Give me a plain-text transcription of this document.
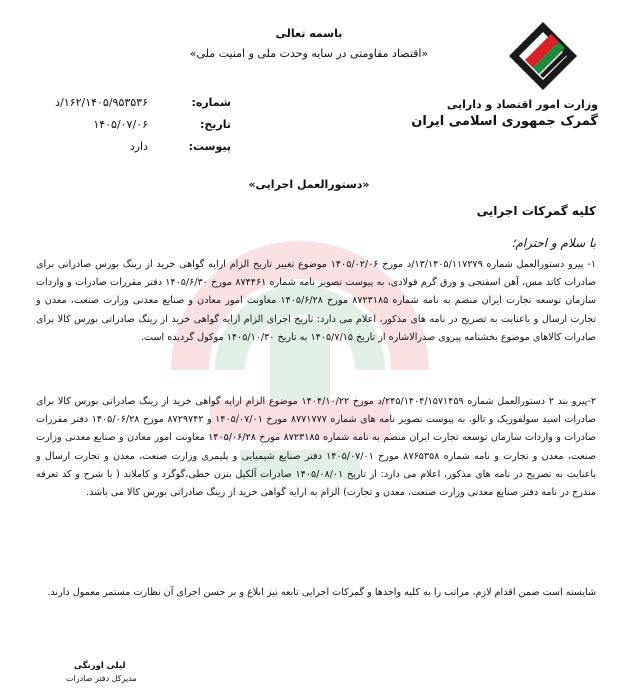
باسمه تعالی
«اقتصاد مقاومتی در سایه وحدت ملی و امنیت ملی»
وزارت امور اقتصاد و دارایی
گمرک جمهوری اسلامی ایران
شماره:
۱۶۲/۱۴۰۵/۹۵۳۵۳۶/د
تاریخ:
۱۴۰۵/۰۷/۰۶
پیوست:
دارد
«دستورالعمل اجرایی»
کلیه گمرکات اجرایی
با سلام و احترام؛

۱- پیرو دستورالعمل شماره ۱۳/۱۴۰۵/۱۱۷۲۷۹/د مورخ ۱۴۰۵/۰۲/۰۶ موضوع تغییر تاریخ الزام ارایه گواهی خرید از رینگ بورس صادراتی برای صادرات کاتد مس، آهن اسفنجی و ورق گرم فولادی، به پیوست تصویر نامه شماره ۸۷۴۴۶۱ مورخ ۱۴۰۵/۶/۳۰ دفتر مقررات صادرات و واردات سازمان توسعه تجارت ایران منضم به نامه شماره ۸۷۲۳۱۸۵ مورخ ۱۴۰۵/۶/۲۸ معاونت امور معادن و صنایع معدنی وزارت صنعت، معدن و تجارت ارسال و باعنایت به تصریح در نامه های مذکور، اعلام می دارد: تاریخ اجرای الزام ارایه گواهی خرید از رینگ صادراتی بورس کالا برای صادرات کالاهای موضوع بخشنامه پیروی صدرالاشاره از تاریخ ۱۴۰۵/۷/۱۵ به تاریخ ۱۴۰۵/۱۰/۳۰ موکول گردیده است.

۲-پیرو بند ۲ دستورالعمل شماره ۲۴۵/۱۴۰۴/۱۵۷۱۴۵۹/د مورخ ۱۴۰۴/۱۰/۲۲ موضوع الزام ارایه گواهی خرید از رینگ صادراتی بورس کالا برای صادرات اسید سولفوریک و تالو، به پیوست تصویر نامه های شماره ۸۷۷۱۷۷۷ مورخ ۱۴۰۵/۰۷/۰۱ و ۸۷۲۹۷۴۲ مورخ ۱۴۰۵/۰۶/۲۸ دفتر مقررات صادرات و واردات سازمان توسعه تجارت ایران منضم به نامه شماره ۸۷۲۳۱۸۵ مورخ ۱۴۰۵/۰۶/۲۸ معاونت امور معادن و صنایع معدنی وزارت صنعت، معدن و تجارت و نامه شماره ۸۷۶۵۳۵۸ مورخ ۱۴۰۵/۰۷/۰۱ دفتر صنایع شیمیایی و پلیمری وزارت صنعت، معدن و تجارت ارسال و باعنایت به تصریح در نامه های مذکور، اعلام می دارد: از تاریخ ۱۴۰۵/۰۸/۰۱ صادرات آلکیل بنزن خطی،گوگرد و کاملاند ( با شرح و کد تعرفه مندرج در نامه دفتر صنایع معدنی وزارت صنعت، معدن و تجارت) الزام به ارایه گواهی خرید از رینگ صادراتی بورس کالا می باشد.

شایسته است ضمن اقدام لازم، مراتب را به کلیه واحدها و گمرکات اجرایی تابعه نیز ابلاغ و بر حسن اجرای آن نظارت مستمر معمول دارند.

لیلی اورنگی
مدیرکل دفتر صادرات
